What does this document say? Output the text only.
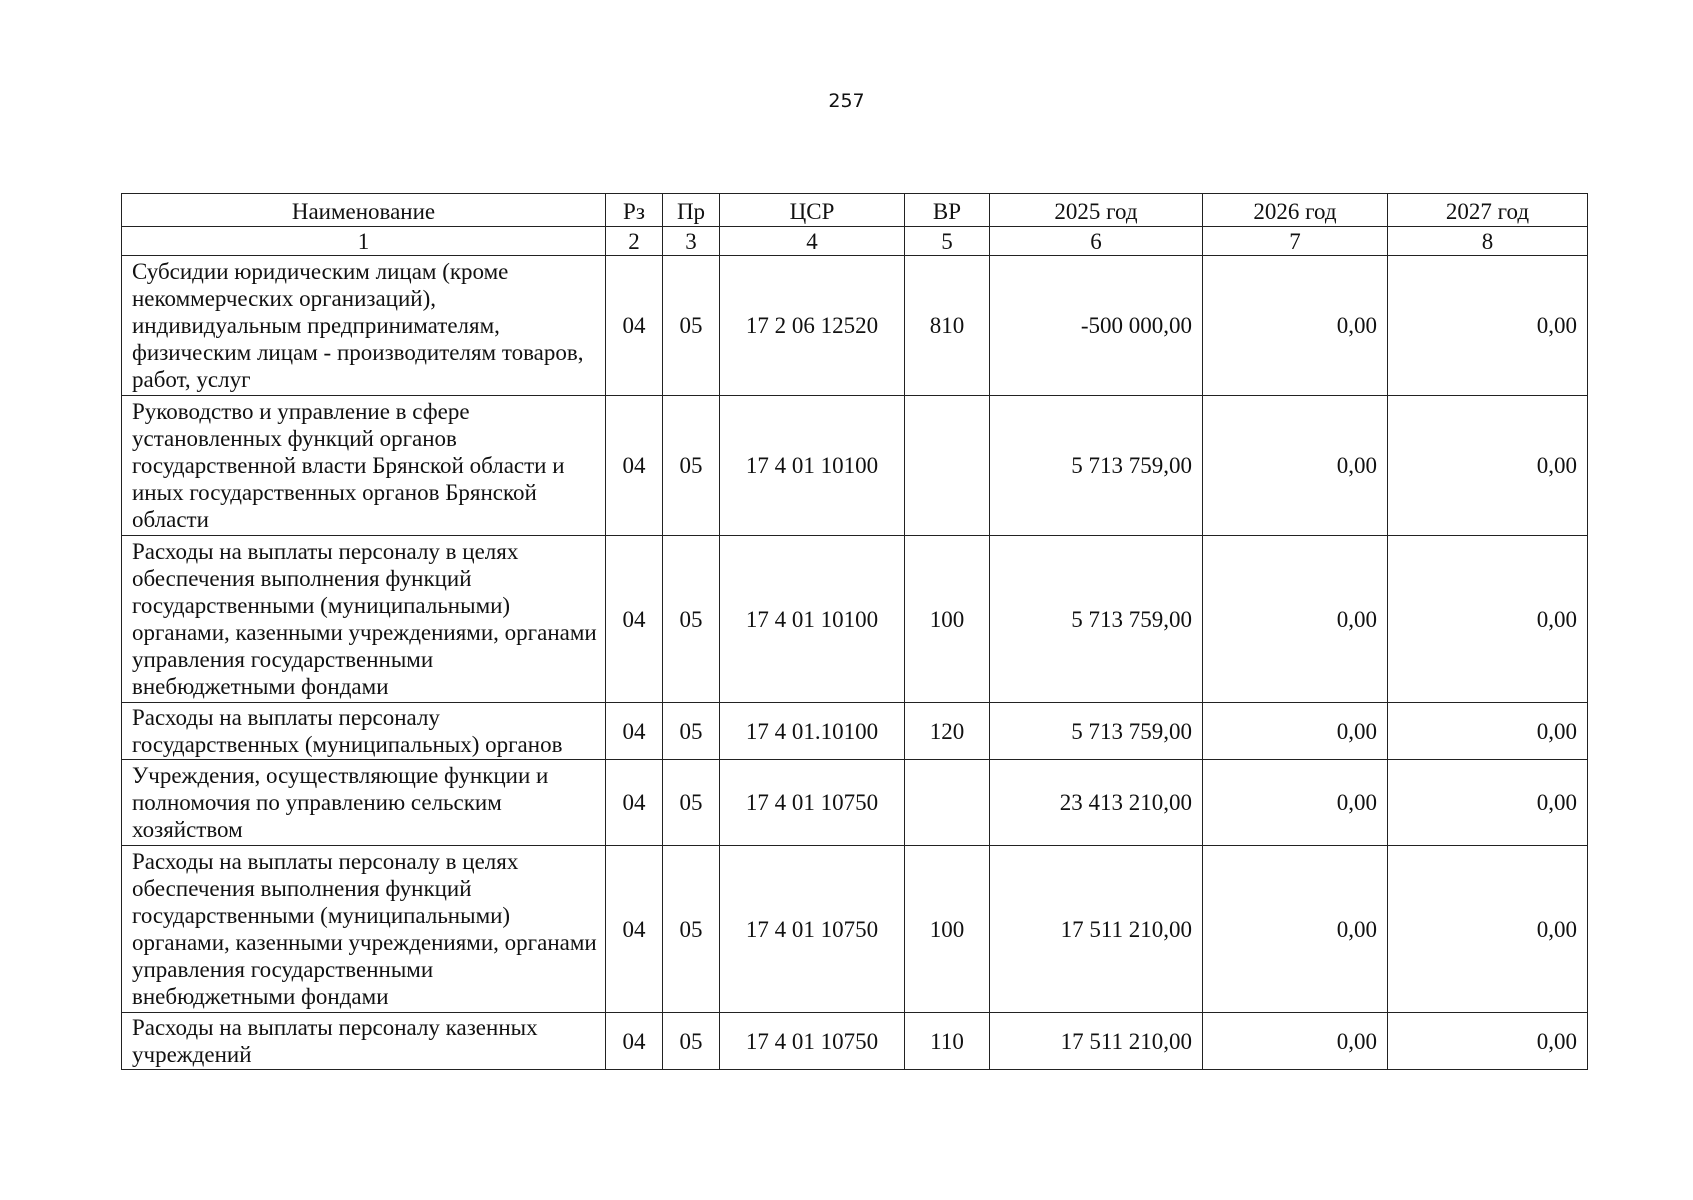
257
Наименование	Рз	Пр	ЦСР	ВР	2025 год	2026 год	2027 год
1	2	3	4	5	6	7	8
Субсидии юридическим лицам (кроме некоммерческих организаций), индивидуальным предпринимателям, физическим лицам - производителям товаров, работ, услуг	04	05	17 2 06 12520	810	-500 000,00	0,00	0,00
Руководство и управление в сфере установленных функций органов государственной власти Брянской области и иных государственных органов Брянской области	04	05	17 4 01 10100		5 713 759,00	0,00	0,00
Расходы на выплаты персоналу в целях обеспечения выполнения функций государственными (муниципальными) органами, казенными учреждениями, органами управления государственными внебюджетными фондами	04	05	17 4 01 10100	100	5 713 759,00	0,00	0,00
Расходы на выплаты персоналу государственных (муниципальных) органов	04	05	17 4 01.10100	120	5 713 759,00	0,00	0,00
Учреждения, осуществляющие функции и полномочия по управлению сельским хозяйством	04	05	17 4 01 10750		23 413 210,00	0,00	0,00
Расходы на выплаты персоналу в целях обеспечения выполнения функций государственными (муниципальными) органами, казенными учреждениями, органами управления государственными внебюджетными фондами	04	05	17 4 01 10750	100	17 511 210,00	0,00	0,00
Расходы на выплаты персоналу казенных учреждений	04	05	17 4 01 10750	110	17 511 210,00	0,00	0,00
